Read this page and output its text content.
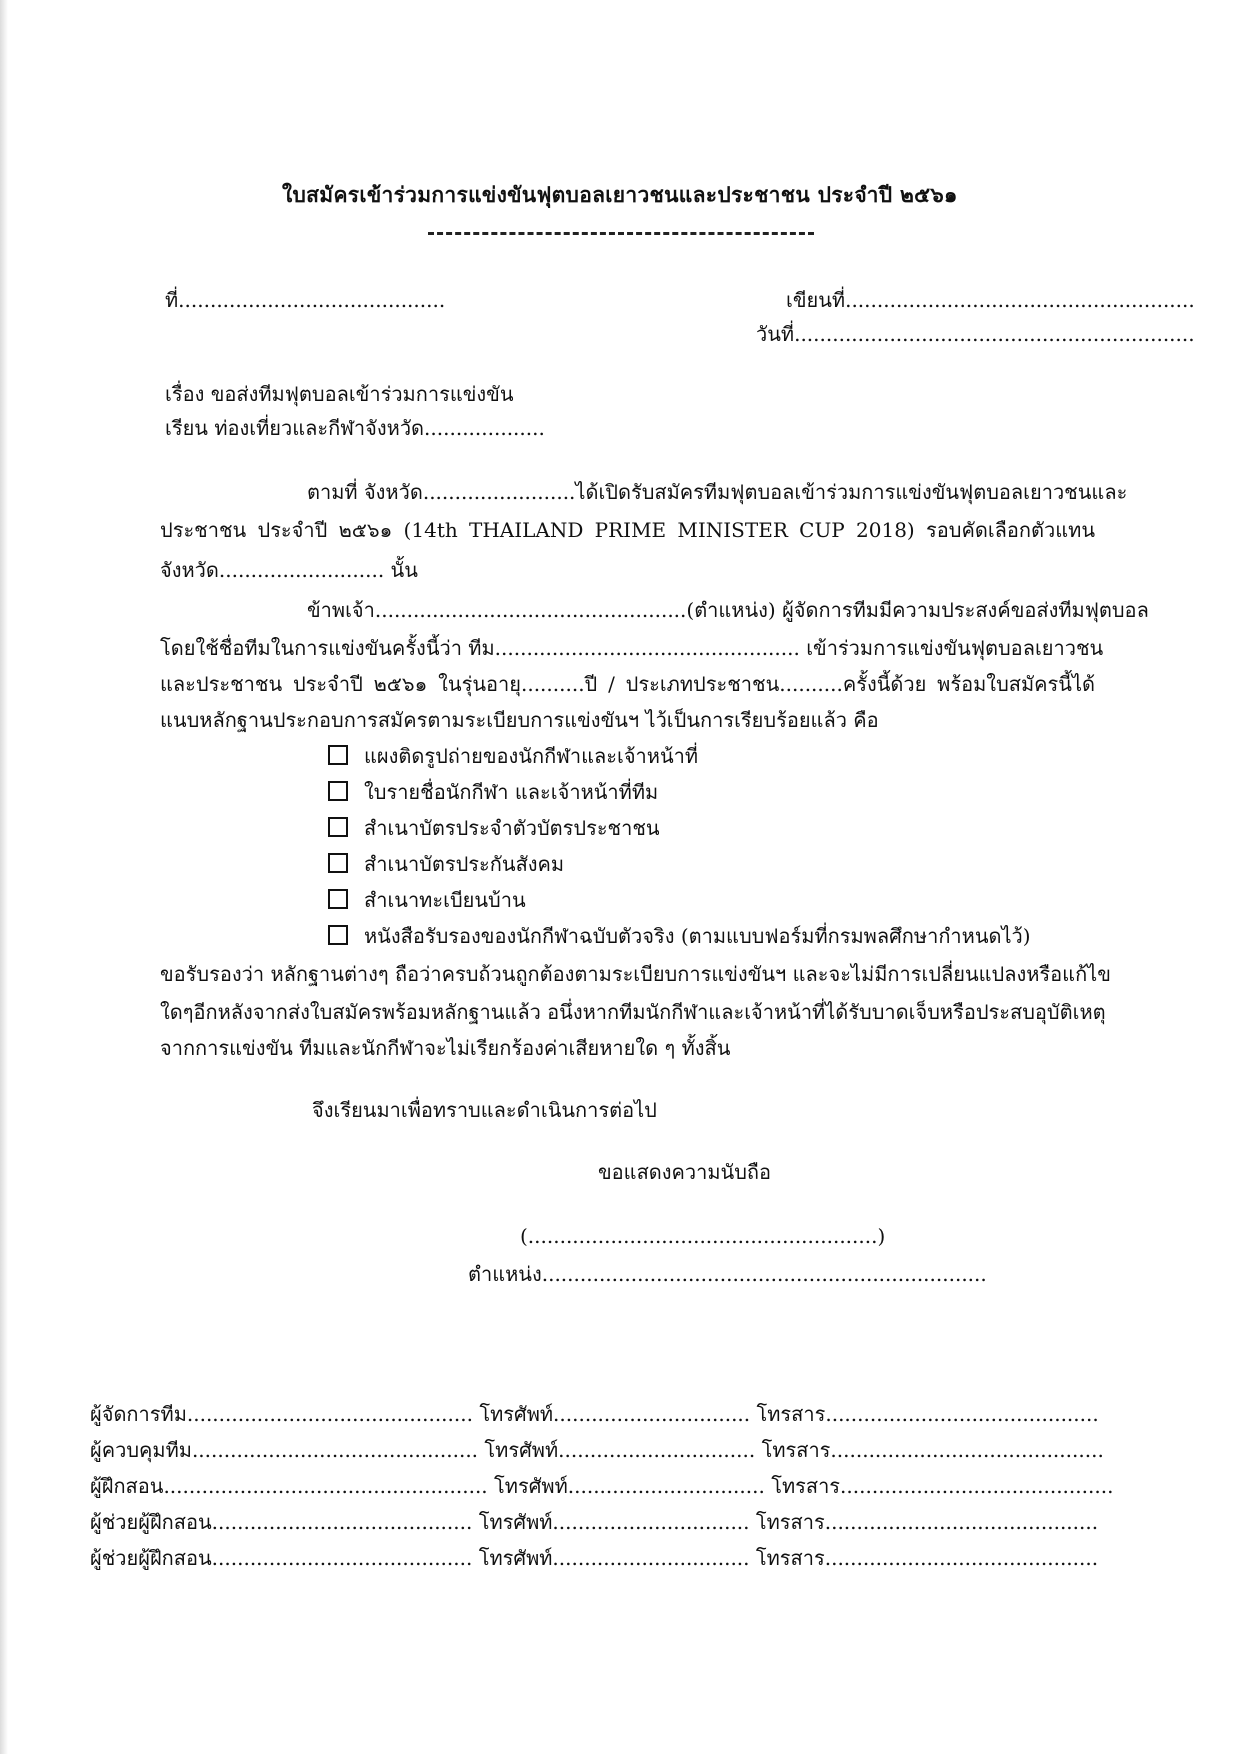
ใบสมัครเข้าร่วมการแข่งขันฟุตบอลเยาวชนและประชาชน ประจำปี ๒๕๖๑
ที่..........................................	เขียนที่.......................................................
วันที่...............................................................
เรื่อง ขอส่งทีมฟุตบอลเข้าร่วมการแข่งขัน
เรียน ท่องเที่ยวและกีฬาจังหวัด...................
ตามที่ จังหวัด........................ได้เปิดรับสมัครทีมฟุตบอลเข้าร่วมการแข่งขันฟุตบอลเยาวชนและ
ประชาชน ประจำปี ๒๕๖๑ (14th THAILAND PRIME MINISTER CUP 2018) รอบคัดเลือกตัวแทน
จังหวัด.......................... นั้น
ข้าพเจ้า.................................................(ตำแหน่ง) ผู้จัดการทีมมีความประสงค์ขอส่งทีมฟุตบอล
โดยใช้ชื่อทีมในการแข่งขันครั้งนี้ว่า ทีม................................................ เข้าร่วมการแข่งขันฟุตบอลเยาวชน
และประชาชน ประจำปี ๒๕๖๑ ในรุ่นอายุ..........ปี / ประเภทประชาชน..........ครั้งนี้ด้วย พร้อมใบสมัครนี้ได้
แนบหลักฐานประกอบการสมัครตามระเบียบการแข่งขันฯ ไว้เป็นการเรียบร้อยแล้ว คือ
แผงติดรูปถ่ายของนักกีฬาและเจ้าหน้าที่
ใบรายชื่อนักกีฬา และเจ้าหน้าที่ทีม
สำเนาบัตรประจำตัวบัตรประชาชน
สำเนาบัตรประกันสังคม
สำเนาทะเบียนบ้าน
หนังสือรับรองของนักกีฬาฉบับตัวจริง (ตามแบบฟอร์มที่กรมพลศึกษากำหนดไว้)
ขอรับรองว่า หลักฐานต่างๆ ถือว่าครบถ้วนถูกต้องตามระเบียบการแข่งขันฯ และจะไม่มีการเปลี่ยนแปลงหรือแก้ไข
ใดๆอีกหลังจากส่งใบสมัครพร้อมหลักฐานแล้ว อนึ่งหากทีมนักกีฬาและเจ้าหน้าที่ได้รับบาดเจ็บหรือประสบอุบัติเหตุ
จากการแข่งขัน ทีมและนักกีฬาจะไม่เรียกร้องค่าเสียหายใด ๆ ทั้งสิ้น
จึงเรียนมาเพื่อทราบและดำเนินการต่อไป
ขอแสดงความนับถือ
(.......................................................)
ตำแหน่ง......................................................................
ผู้จัดการทีม............................................. โทรศัพท์............................... โทรสาร...........................................
ผู้ควบคุมทีม............................................. โทรศัพท์............................... โทรสาร...........................................
ผู้ฝึกสอน................................................... โทรศัพท์............................... โทรสาร...........................................
ผู้ช่วยผู้ฝึกสอน......................................... โทรศัพท์............................... โทรสาร...........................................
ผู้ช่วยผู้ฝึกสอน......................................... โทรศัพท์............................... โทรสาร...........................................
